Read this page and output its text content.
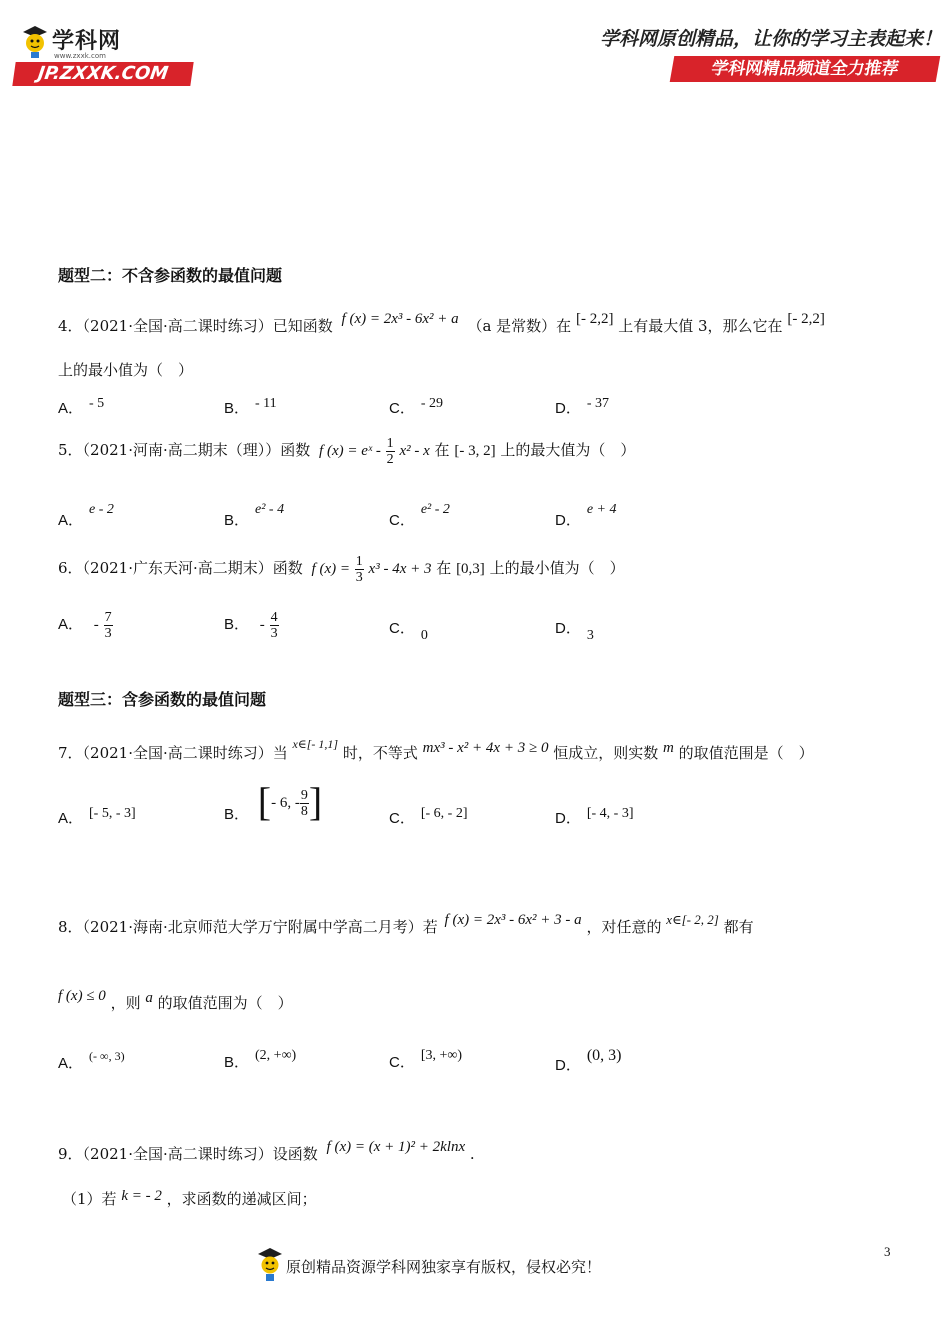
学科网
www.zxxk.com
JP.ZXXK.COM
学科网原创精品，让你的学习主表起来！
学科网精品频道全力推荐
题型二：不含参函数的最值问题
4．（2021·全国·高二课时练习）已知函数 f (x) = 2x³ - 6x² + a （a 是常数）在 [- 2,2] 上有最大值 3，那么它在 [- 2,2]
上的最小值为（　）
A． - 5	B． - 11	C． - 29	D． - 37
5．（2021·河南·高二期末（理））函数 f (x) = eˣ - $\frac{1}{2} x^2$ - x 在 [- 3, 2] 上的最大值为（　）
A．e - 2
B．e² - 4
C．e² - 2
D．e + 4
6．（2021·广东天河·高二期末）函数 f $(x) = \frac{1}{3} x^3 - 4x + 3$ 在 [0,3] 上的最小值为（　）
A． - $\frac{7}{3}$	B． - $\frac{4}{3}$	C． 0	D． 3
题型三：含参函数的最值问题
7．（2021·全国·高二课时练习）当 $^{x\in[- 1,1]}$ 时，不等式 mx³ - x² + 4x + 3 ≥ 0 恒成立，则实数 m 的取值范围是（　）
A． [- 5, - 3]	B． [- 6, - $\frac{9}{8}$ ]	C． [- 6, - 2]	D． [- 4, - 3]
8．（2021·海南·北京师范大学万宁附属中学高二月考）若 f (x) = 2x³ - 6x² + 3 - a ，对任意的 x∈[- 2, 2] 都有
f (x) ≤ 0 ，则 a 的取值范围为（　）
A． $^{(- \infty, 3)}$	B． (2, +∞)	C． [3, +∞)
D．(0, 3)
9．（2021·全国·高二课时练习）设函数 f (x) = (x + 1)² + 2klnx .
（1）若 k = - 2 ，求函数的递减区间；
原创精品资源学科网独家享有版权，侵权必究！
3
